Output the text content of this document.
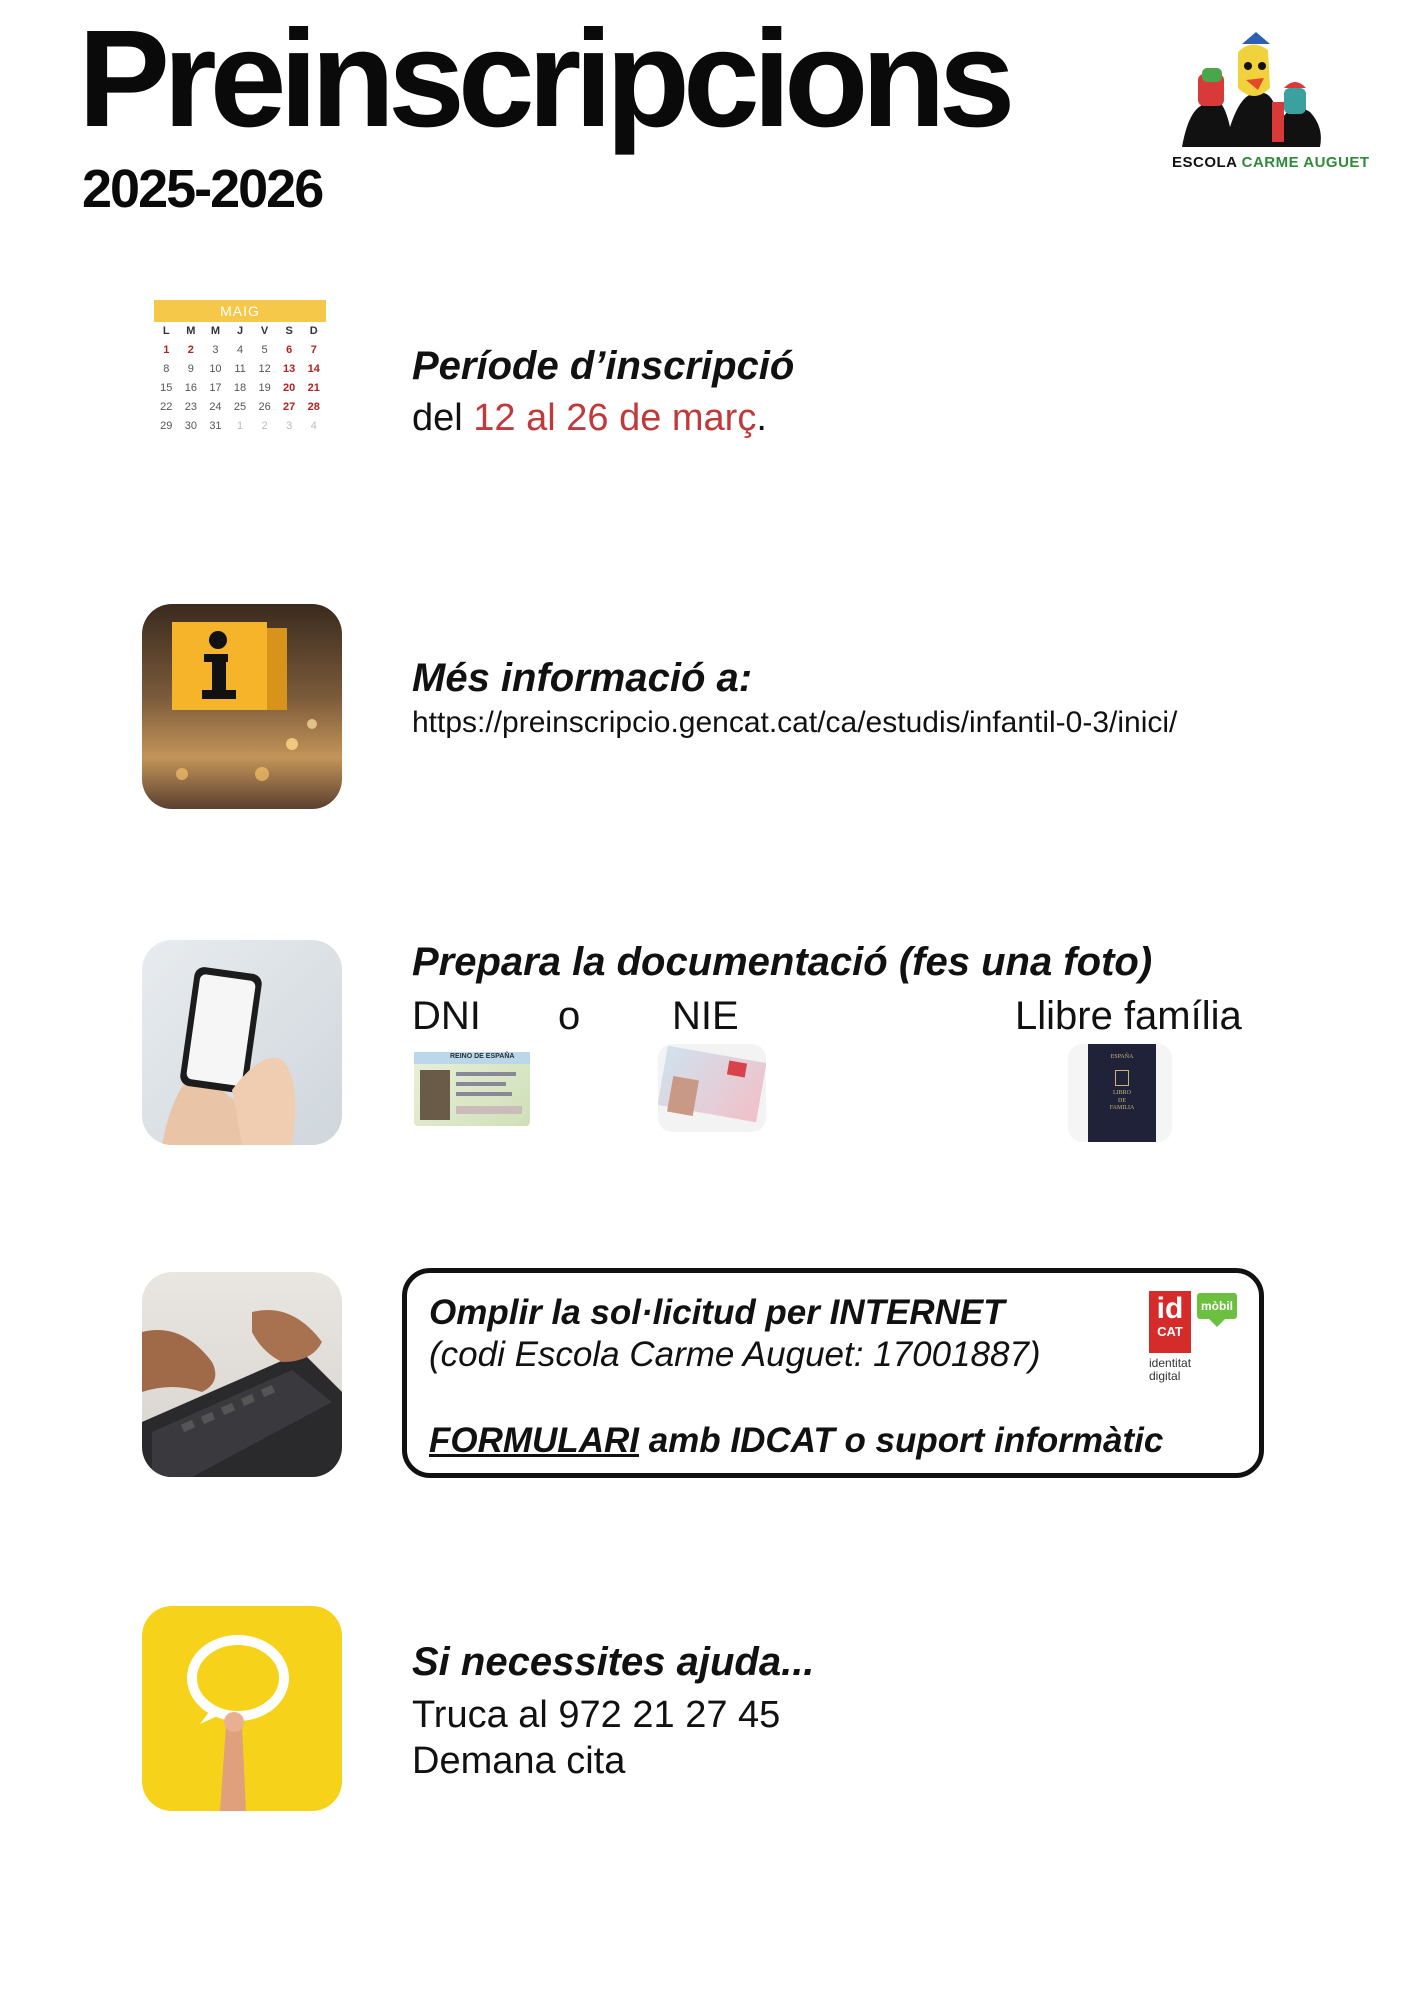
Preinscripcions
2025-2026	ESCOLA CARME AUGUET
MAIG
L	M	M	J	V	S	D
1	2	3	4	5	6	7
8	9	10	11	12	13	14
15	16	17	18	19	20	21
22	23	24	25	26	27	28
29	30	31	1	2	3	4
Període d’inscripció
del 12 al 26 de març.
Més informació a:
https://preinscripcio.gencat.cat/ca/estudis/infantil-0-3/inici/
Prepara la documentació (fes una foto)
DNI o NIE	Llibre família
REINO DE ESPAÑA	ESPAÑA
LIBRO
DE
FAMILIA
Omplir la sol·licitud per INTERNET
(codi Escola Carme Auguet: 17001887)
FORMULARI amb IDCAT o suport informàtic
id
CAT
mòbil
identitat
digital
Si necessites ajuda...
Truca al 972 21 27 45
Demana cita
